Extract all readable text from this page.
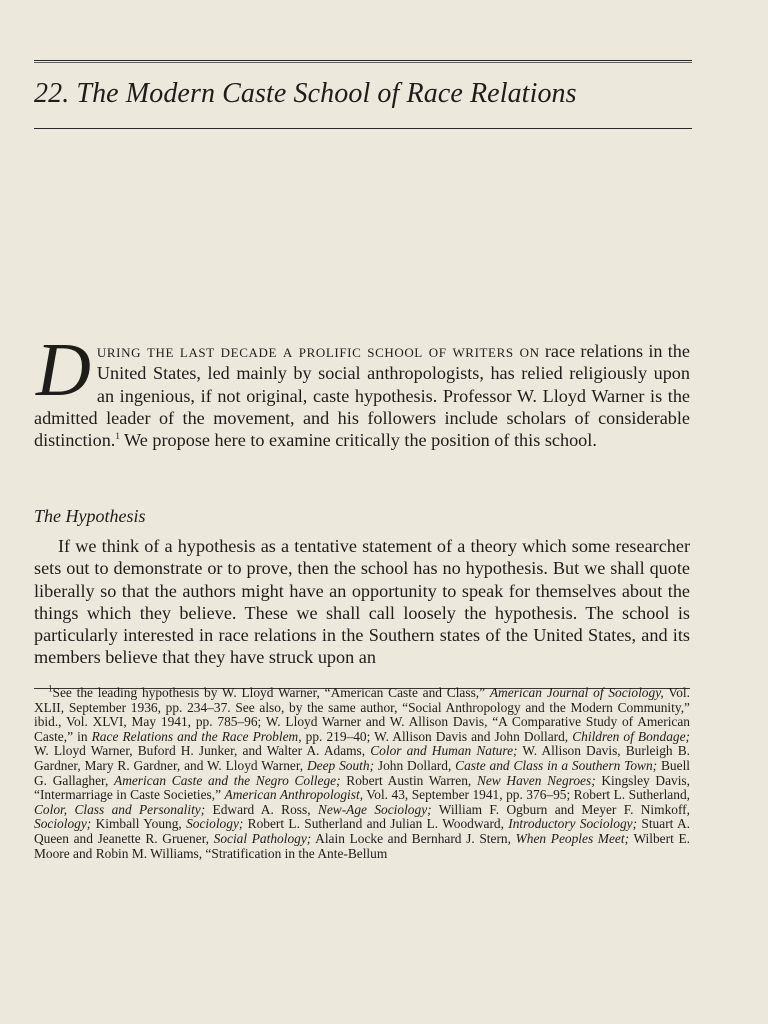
22. The Modern Caste School of Race Relations
During the last decade a prolific school of writers on race relations in the United States, led mainly by social anthropologists, has relied religiously upon an ingenious, if not original, caste hypothesis. Professor W. Lloyd Warner is the admitted leader of the movement, and his followers include scholars of considerable distinction.$^1$ We propose here to examine critically the position of this school.
The Hypothesis
If we think of a hypothesis as a tentative statement of a theory which some researcher sets out to demonstrate or to prove, then the school has no hypothesis. But we shall quote liberally so that the authors might have an opportunity to speak for themselves about the things which they believe. These we shall call loosely the hypothesis. The school is particularly interested in race relations in the Southern states of the United States, and its members believe that they have struck upon an
$^1$See the leading hypothesis by W. Lloyd Warner, “American Caste and Class,” American Journal of Sociology, Vol. XLII, September 1936, pp. 234–37. See also, by the same author, “Social Anthropology and the Modern Community,” ibid., Vol. XLVI, May 1941, pp. 785–96; W. Lloyd Warner and W. Allison Davis, “A Comparative Study of American Caste,” in Race Relations and the Race Problem, pp. 219–40; W. Allison Davis and John Dollard, Children of Bondage; W. Lloyd Warner, Buford H. Junker, and Walter A. Adams, Color and Human Nature; W. Allison Davis, Burleigh B. Gardner, Mary R. Gardner, and W. Lloyd Warner, Deep South; John Dollard, Caste and Class in a Southern Town; Buell G. Gallagher, American Caste and the Negro College; Robert Austin Warren, New Haven Negroes; Kingsley Davis, “Intermarriage in Caste Societies,” American Anthropologist, Vol. 43, September 1941, pp. 376–95; Robert L. Sutherland, Color, Class and Personality; Edward A. Ross, New-Age Sociology; William F. Ogburn and Meyer F. Nimkoff, Sociology; Kimball Young, Sociology; Robert L. Sutherland and Julian L. Woodward, Introductory Sociology; Stuart A. Queen and Jeanette R. Gruener, Social Pathology; Alain Locke and Bernhard J. Stern, When Peoples Meet; Wilbert E. Moore and Robin M. Williams, “Stratification in the Ante-Bellum
